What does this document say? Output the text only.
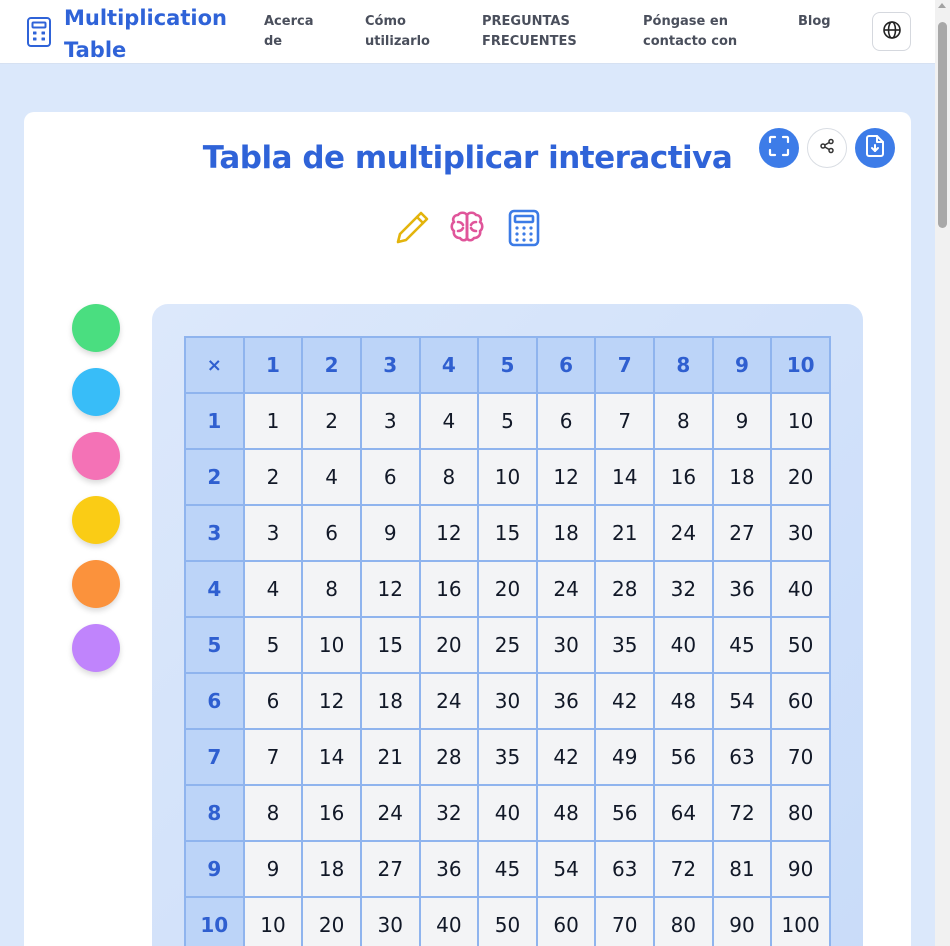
Multiplication
Table
Acerca
de
Cómo
utilizarlo
PREGUNTAS
FRECUENTES
Póngase en
contacto con
Blog
Tabla de multiplicar interactiva
×	1	2	3	4	5	6	7	8	9	10
1	1	2	3	4	5	6	7	8	9	10
2	2	4	6	8	10	12	14	16	18	20
3	3	6	9	12	15	18	21	24	27	30
4	4	8	12	16	20	24	28	32	36	40
5	5	10	15	20	25	30	35	40	45	50
6	6	12	18	24	30	36	42	48	54	60
7	7	14	21	28	35	42	49	56	63	70
8	8	16	24	32	40	48	56	64	72	80
9	9	18	27	36	45	54	63	72	81	90
10	10	20	30	40	50	60	70	80	90	100
